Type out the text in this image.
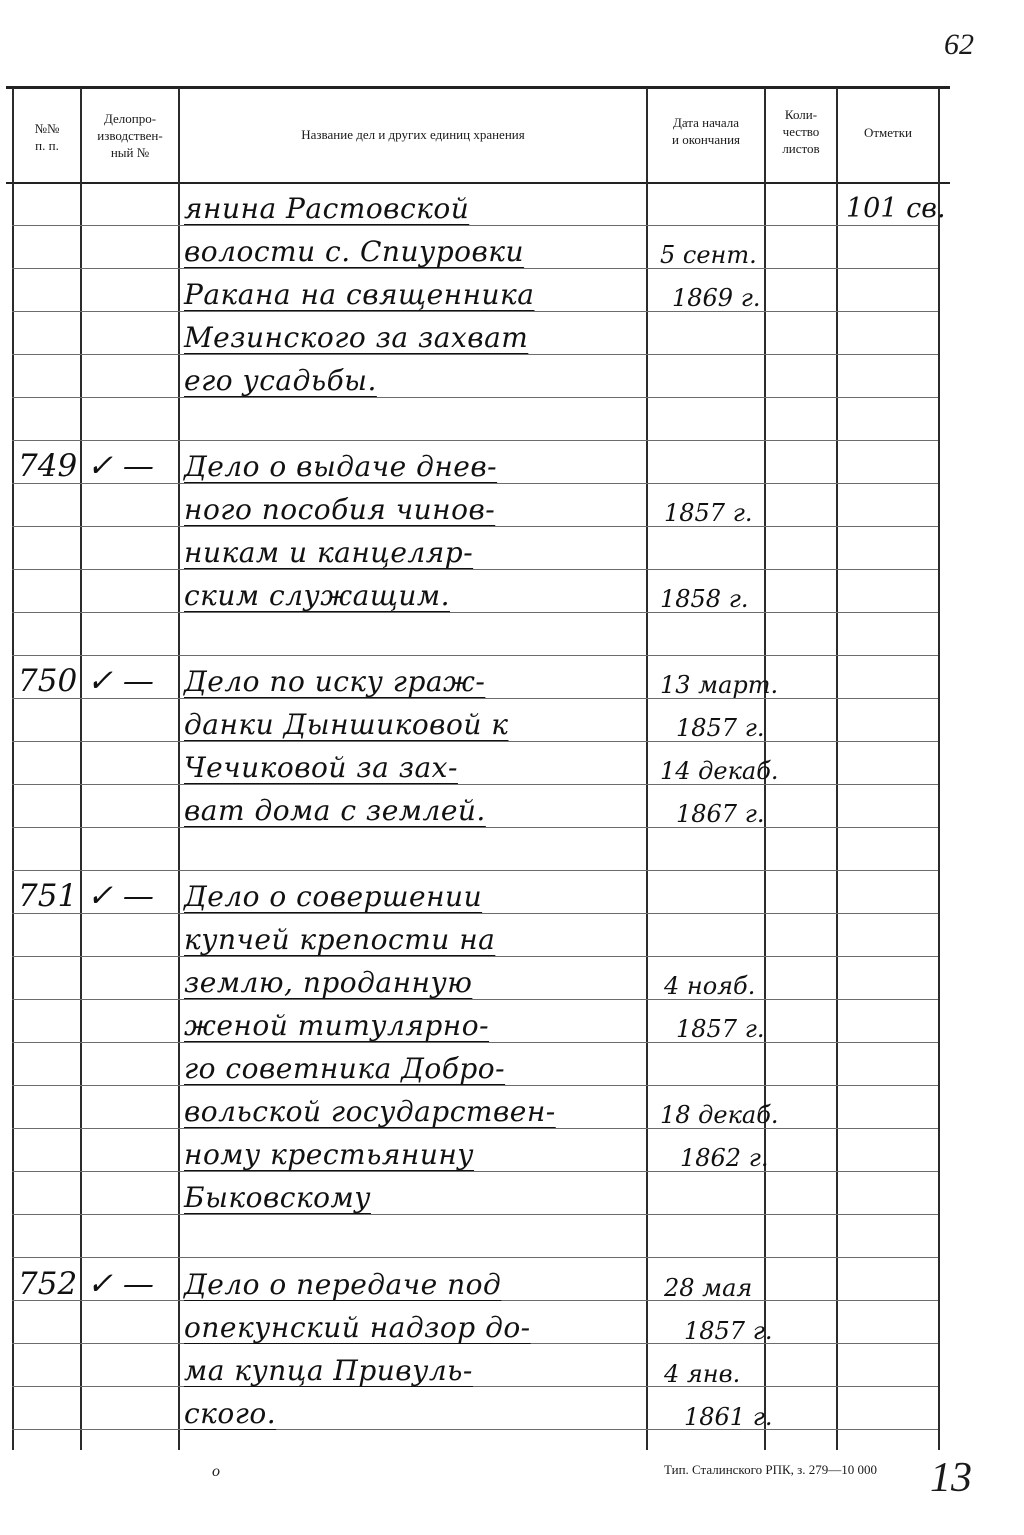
62
№№
п. п.
Делопро-
изводствен-
ный №
Название дел и других единиц хранения
Дата начала
и окончания
Коли-
чество
листов
Отметки
янина Растовской
волости с. Спиурoвки
Ракана на священника
Мезинского за захват
его усадьбы.
5 сент.
1869 г.
101 св.
749 ✓ — Дело о выдаче днев-
ного пособия чинов-
никам и канцеляр-
ским служащим.
1857 г.
1858 г.
750 ✓ — Дело по иску граж-
данки Дыншиковой к
Чечиковой за зах-
ват дома с землей.
13 март.
1857 г.
14 декаб.
1867 г.
751 ✓ — Дело о совершении
купчей крепости на
землю, проданную
женой титулярно-
го советника Добро-
вольской государствен-
ному крестьянину
Быковскому
4 нояб.
1857 г.
18 декаб.
1862 г.
752 ✓ — Дело о передаче под
опекунский надзор до-
ма купца Привуль-
ского.
28 мая
1857 г.
4 янв.
1861 г.
о	Тип. Сталинского РПК, з. 279—10 000 13
